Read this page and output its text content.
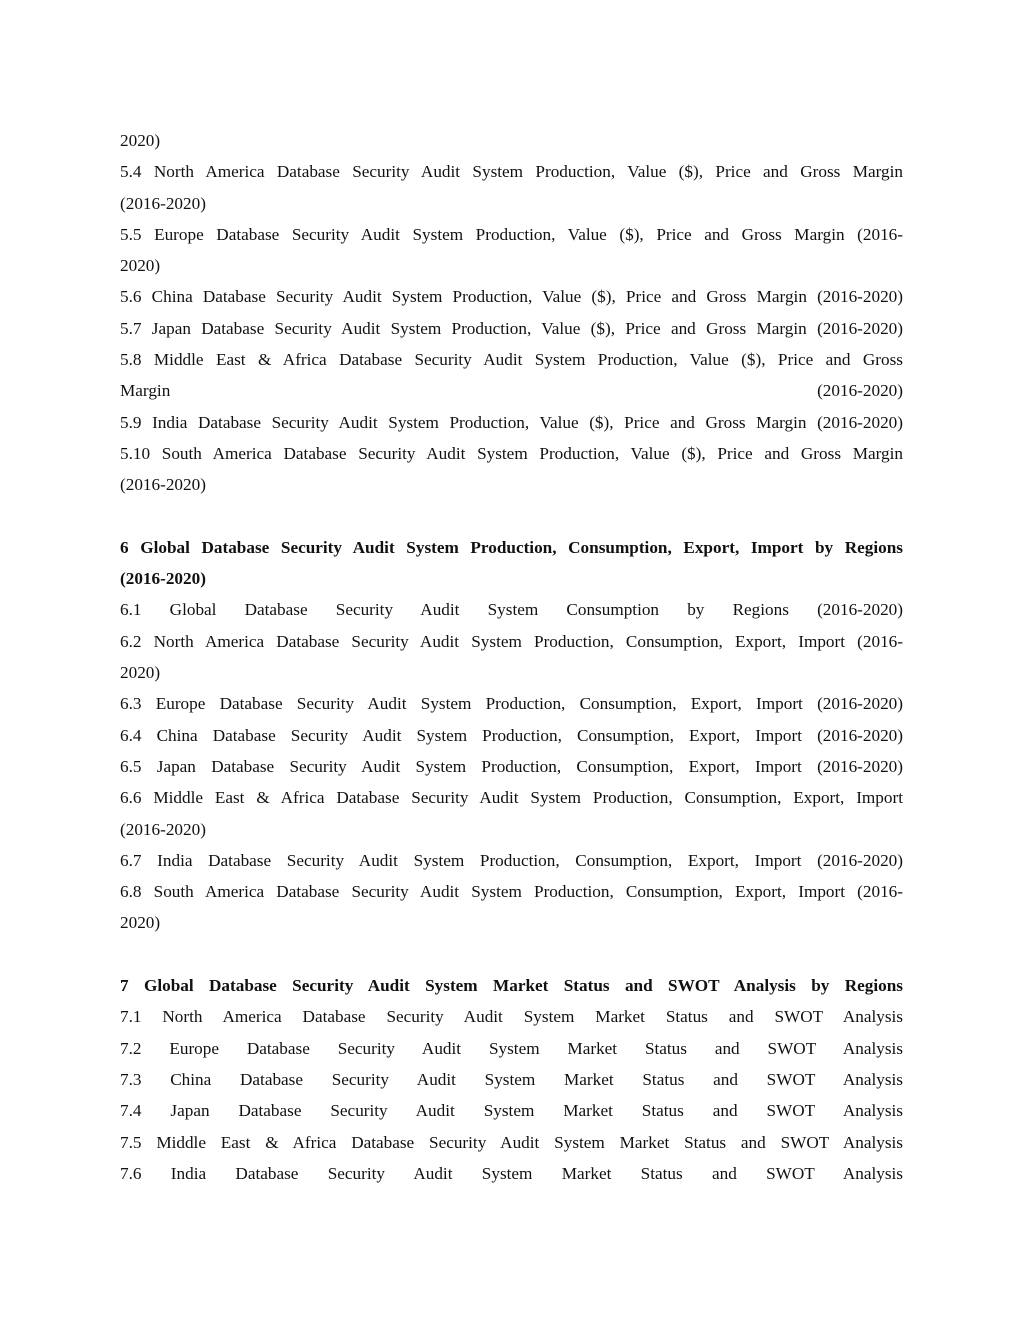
2020)
5.4 North America Database Security Audit System Production, Value ($), Price and Gross Margin
(2016-2020)
5.5 Europe Database Security Audit System Production, Value ($), Price and Gross Margin (2016-
2020)
5.6 China Database Security Audit System Production, Value ($), Price and Gross Margin (2016-2020)
5.7 Japan Database Security Audit System Production, Value ($), Price and Gross Margin (2016-2020)
5.8 Middle East & Africa Database Security Audit System Production, Value ($), Price and Gross
Margin (2016-2020)
5.9 India Database Security Audit System Production, Value ($), Price and Gross Margin (2016-2020)
5.10 South America Database Security Audit System Production, Value ($), Price and Gross Margin
(2016-2020)
6 Global Database Security Audit System Production, Consumption, Export, Import by Regions
(2016-2020)
6.1 Global Database Security Audit System Consumption by Regions (2016-2020)
6.2 North America Database Security Audit System Production, Consumption, Export, Import (2016-
2020)
6.3 Europe Database Security Audit System Production, Consumption, Export, Import (2016-2020)
6.4 China Database Security Audit System Production, Consumption, Export, Import (2016-2020)
6.5 Japan Database Security Audit System Production, Consumption, Export, Import (2016-2020)
6.6 Middle East & Africa Database Security Audit System Production, Consumption, Export, Import
(2016-2020)
6.7 India Database Security Audit System Production, Consumption, Export, Import (2016-2020)
6.8 South America Database Security Audit System Production, Consumption, Export, Import (2016-
2020)
7 Global Database Security Audit System Market Status and SWOT Analysis by Regions
7.1 North America Database Security Audit System Market Status and SWOT Analysis
7.2 Europe Database Security Audit System Market Status and SWOT Analysis
7.3 China Database Security Audit System Market Status and SWOT Analysis
7.4 Japan Database Security Audit System Market Status and SWOT Analysis
7.5 Middle East & Africa Database Security Audit System Market Status and SWOT Analysis
7.6 India Database Security Audit System Market Status and SWOT Analysis
